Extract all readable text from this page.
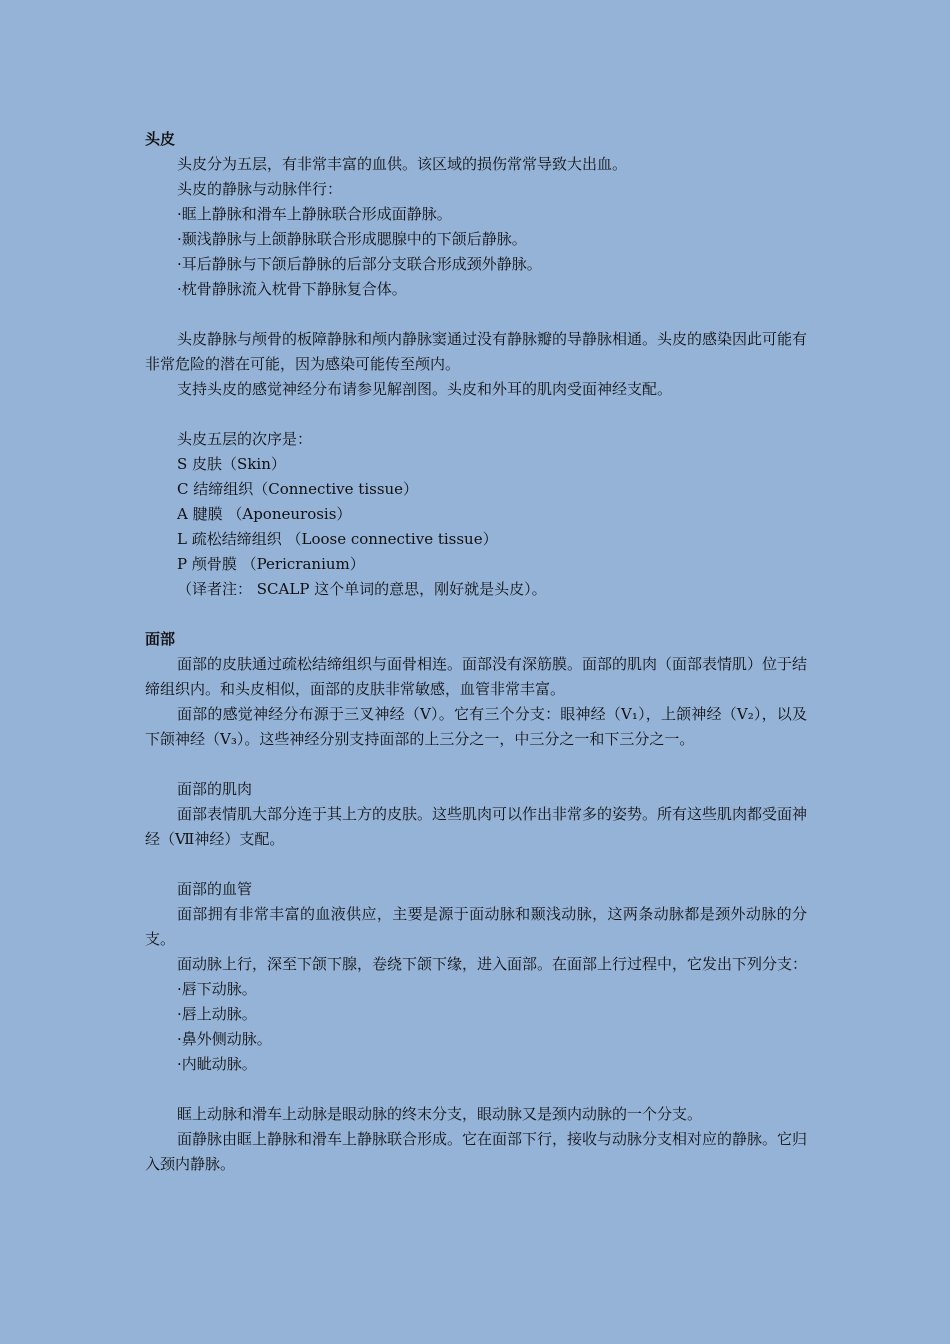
头皮

头皮分为五层，有非常丰富的血供。该区域的损伤常常导致大出血。

头皮的静脉与动脉伴行：

·眶上静脉和滑车上静脉联合形成面静脉。

·颞浅静脉与上颌静脉联合形成腮腺中的下颌后静脉。

·耳后静脉与下颌后静脉的后部分支联合形成颈外静脉。

·枕骨静脉流入枕骨下静脉复合体。

头皮静脉与颅骨的板障静脉和颅内静脉窦通过没有静脉瓣的导静脉相通。头皮的感染因此可能有非常危险的潜在可能，因为感染可能传至颅内。

支持头皮的感觉神经分布请参见解剖图。头皮和外耳的肌肉受面神经支配。

头皮五层的次序是：

S 皮肤（Skin）

C 结缔组织（Connective tissue）

A 腱膜 （Aponeurosis）

L 疏松结缔组织 （Loose connective tissue）

P 颅骨膜 （Pericranium）

（译者注： SCALP 这个单词的意思，刚好就是头皮）。

面部

面部的皮肤通过疏松结缔组织与面骨相连。面部没有深筋膜。面部的肌肉（面部表情肌）位于结缔组织内。和头皮相似，面部的皮肤非常敏感，血管非常丰富。

面部的感觉神经分布源于三叉神经（Ⅴ）。它有三个分支：眼神经（V₁），上颌神经（V₂），以及下颌神经（V₃）。这些神经分别支持面部的上三分之一，中三分之一和下三分之一。

面部的肌肉

面部表情肌大部分连于其上方的皮肤。这些肌肉可以作出非常多的姿势。所有这些肌肉都受面神经（Ⅶ神经）支配。

面部的血管

面部拥有非常丰富的血液供应，主要是源于面动脉和颞浅动脉，这两条动脉都是颈外动脉的分支。

面动脉上行，深至下颌下腺，卷绕下颌下缘，进入面部。在面部上行过程中，它发出下列分支：

·唇下动脉。

·唇上动脉。

·鼻外侧动脉。

·内眦动脉。

眶上动脉和滑车上动脉是眼动脉的终末分支，眼动脉又是颈内动脉的一个分支。

面静脉由眶上静脉和滑车上静脉联合形成。它在面部下行，接收与动脉分支相对应的静脉。它归入颈内静脉。
